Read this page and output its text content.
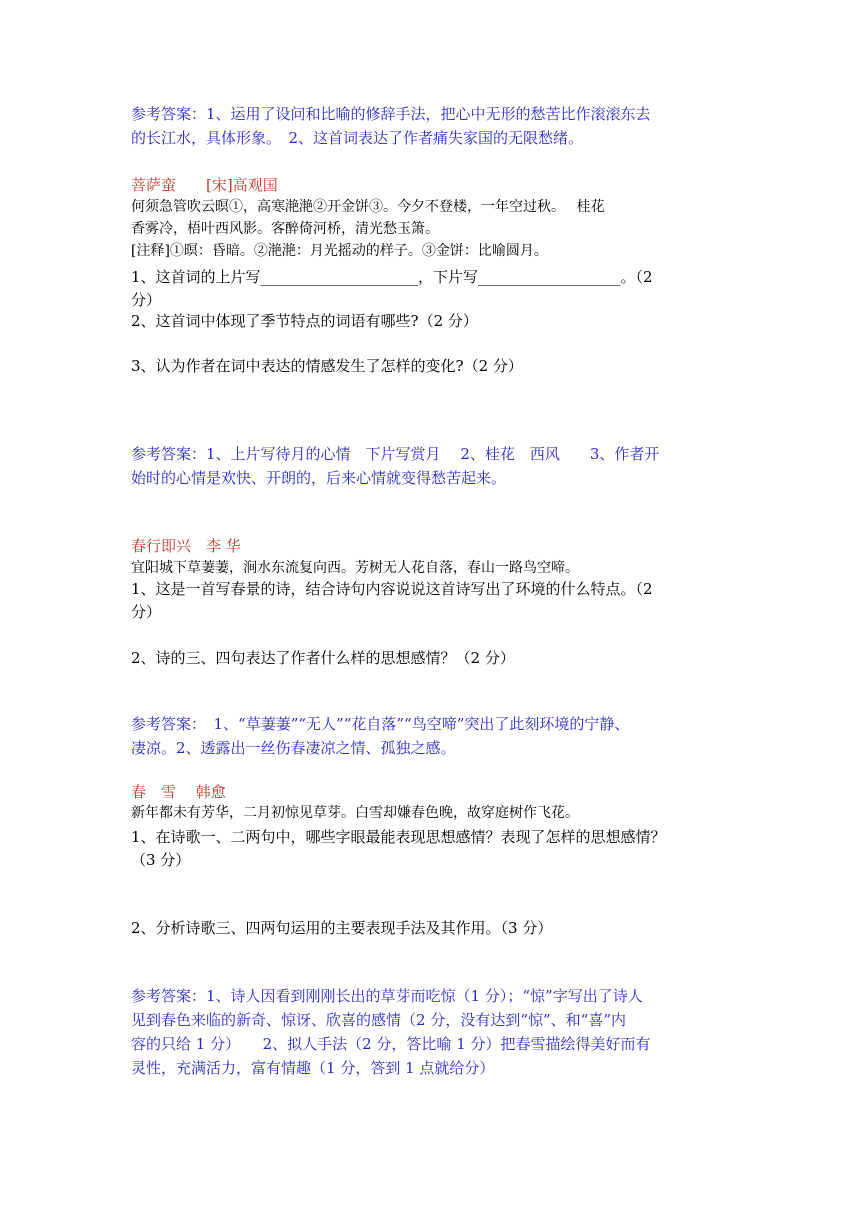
参考答案：1、运用了设问和比喻的修辞手法，把心中无形的愁苦比作滚滚东去
的长江水，具体形象。　2、这首词表达了作者痛失家国的无限愁绪。
菩萨蛮　　[宋]高观国
何须急管吹云暝①，高寒滟滟②开金饼③。今夕不登楼，一年空过秋。　 桂花
香雾冷，梧叶西风影。客醉倚河桥，清光愁玉箫。
[注释]①暝：昏暗。②滟滟：月光摇动的样子。③金饼：比喻圆月。
1、这首词的上片写_____________________，下片写___________________。（2
分）
2、这首词中体现了季节特点的词语有哪些?（2 分）
3、认为作者在词中表达的情感发生了怎样的变化?（2 分）
参考答案：1、上片写待月的心情　下片写赏月　 2、桂花　西风　　3、作者开
始时的心情是欢快、开朗的，后来心情就变得愁苦起来。
春行即兴　李 华
宜阳城下草萋萋，涧水东流复向西。芳树无人花自落，春山一路鸟空啼。
1、这是一首写春景的诗，结合诗句内容说说这首诗写出了环境的什么特点。（2
分）
2、诗的三、四句表达了作者什么样的思想感情？（2 分）
参考答案：　1、“草萋萋”“无人”“花自落”“鸟空啼”突出了此刻环境的宁静、
凄凉。2、透露出一丝伤春凄凉之情、孤独之感。
春　雪　 韩愈
新年都未有芳华，二月初惊见草芽。白雪却嫌春色晚，故穿庭树作飞花。
1、在诗歌一、二两句中，哪些字眼最能表现思想感情？表现了怎样的思想感情？
（3 分）
2、分析诗歌三、四两句运用的主要表现手法及其作用。（3 分）
参考答案：1、诗人因看到刚刚长出的草芽而吃惊（1 分）；“惊”字写出了诗人
见到春色来临的新奇、惊讶、欣喜的感情（2 分，没有达到“惊”、和“喜”内
容的只给 1 分）　　2、拟人手法（2 分，答比喻 1 分）把春雪描绘得美好而有
灵性，充满活力，富有情趣（1 分，答到 1 点就给分）
